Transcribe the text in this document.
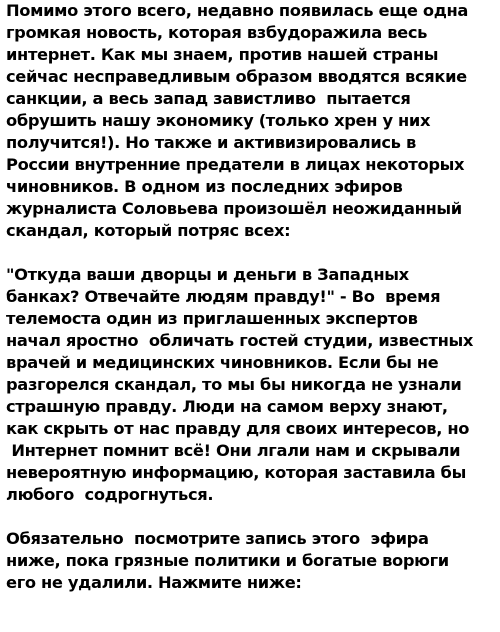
Помимо этого всего, недавно появилась еще одна
громкая новость, которая взбудоражила весь
интернет. Как мы знаем, против нашей страны
сейчас несправедливым образом вводятся всякие
санкции, а весь запад завистливо  пытается
обрушить нашу экономику (только хрен у них
получится!). Но также и активизировались в
России внутренние предатели в лицах некоторых
чиновников. В одном из последних эфиров
журналиста Соловьева произошёл неожиданный
скандал, который потряс всех:
"Откуда ваши дворцы и деньги в Западных
банках? Отвечайте людям правду!" - Во  время
телемоста один из приглашенных экспертов
начал яростно  обличать гостей студии, известных
врачей и медицинских чиновников. Если бы не
разгорелся скандал, то мы бы никогда не узнали
страшную правду. Люди на самом верху знают,
как скрыть от нас правду для своих интересов, но
Интернет помнит всё! Они лгали нам и скрывали
невероятную информацию, которая заставила бы
любого  содрогнуться.
Обязательно  посмотрите запись этого  эфира
ниже, пока грязные политики и богатые ворюги
его не удалили. Нажмите ниже:
